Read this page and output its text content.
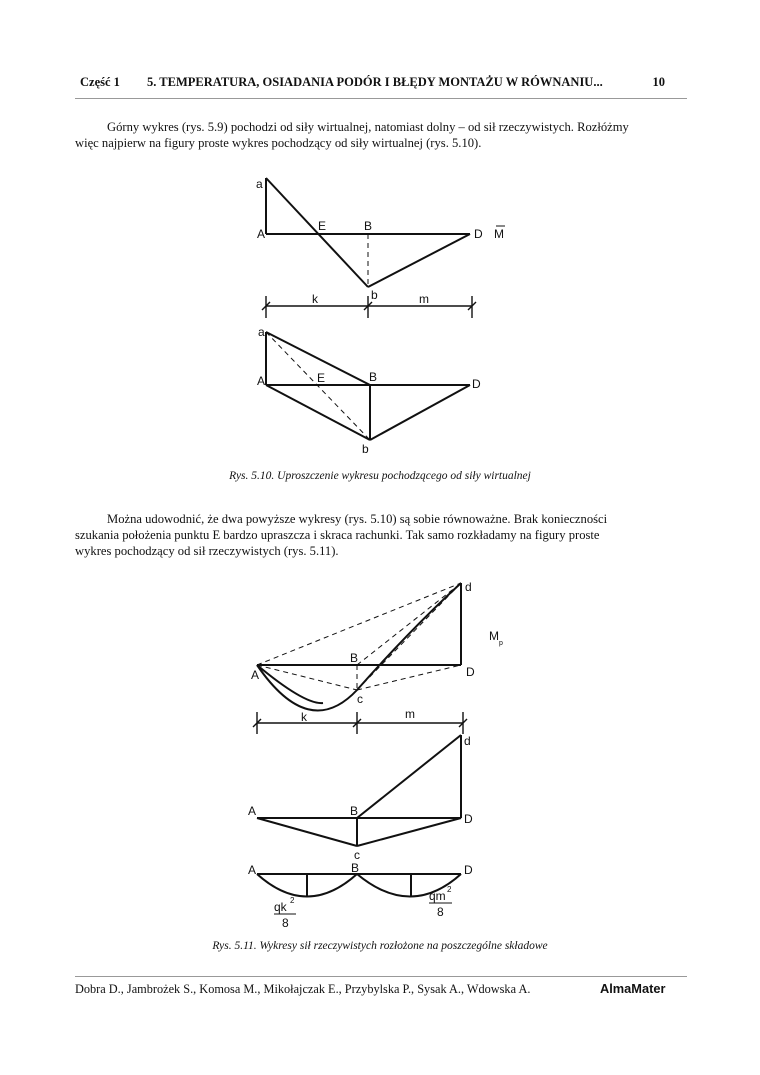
Część 1 5. TEMPERATURA, OSIADANIA PODÓR I BŁĘDY MONTAŻU W RÓWNANIU...	10
Górny wykres (rys. 5.9) pochodzi od siły wirtualnej, natomiast dolny – od sił rzeczywistych. Rozłóżmy
więc najpierw na figury proste wykres pochodzący od siły wirtualnej (rys. 5.10).
a
A
E	B
D M
b
k	m
a
A	E	B	D
b
d
M
p
B
A	D
c
k	m
d
A	B
D
c
A	B	D
qk 2
8
qm 2
8
Rys. 5.10. Uproszczenie wykresu pochodzącego od siły wirtualnej
Można udowodnić, że dwa powyższe wykresy (rys. 5.10) są sobie równoważne. Brak konieczności
szukania położenia punktu E bardzo upraszcza i skraca rachunki. Tak samo rozkładamy na figury proste
wykres pochodzący od sił rzeczywistych (rys. 5.11).
Rys. 5.11. Wykresy sił rzeczywistych rozłożone na poszczególne składowe
Dobra D., Jambrożek S., Komosa M., Mikołajczak E., Przybylska P., Sysak A., Wdowska A.	AlmaMater
